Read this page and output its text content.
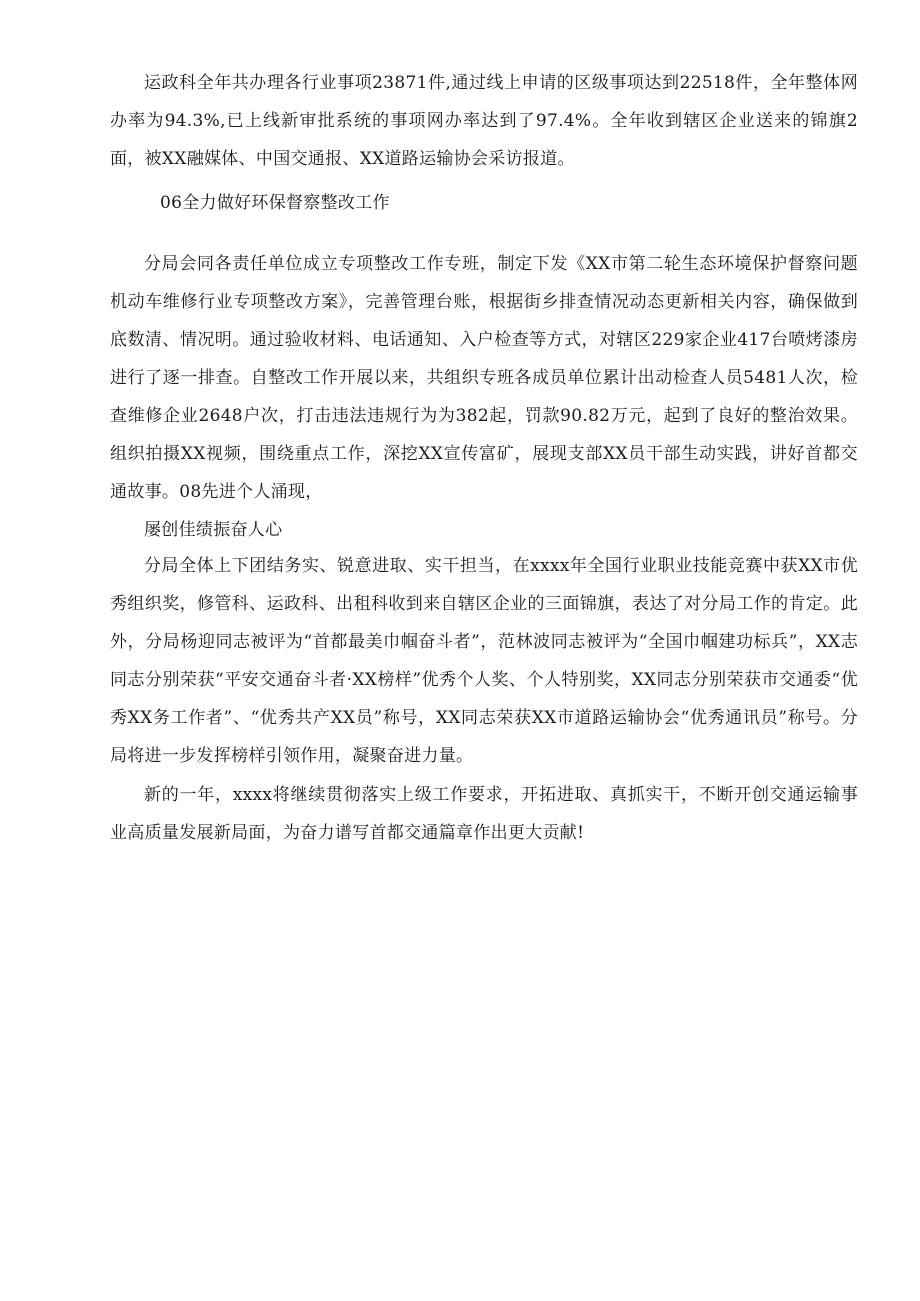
运政科全年共办理各行业事项23871件,通过线上申请的区级事项达到22518件，全年整体网办率为94.3%,已上线新审批系统的事项网办率达到了97.4%。全年收到辖区企业送来的锦旗2面，被XX融媒体、中国交通报、XX道路运输协会采访报道。

06全力做好环保督察整改工作

分局会同各责任单位成立专项整改工作专班，制定下发《XX市第二轮生态环境保护督察问题机动车维修行业专项整改方案》，完善管理台账，根据街乡排查情况动态更新相关内容，确保做到底数清、情况明。通过验收材料、电话通知、入户检查等方式，对辖区229家企业417台喷烤漆房进行了逐一排查。自整改工作开展以来，共组织专班各成员单位累计出动检查人员5481人次，检查维修企业2648户次，打击违法违规行为为382起，罚款90.82万元，起到了良好的整治效果。组织拍摄XX视频，围绕重点工作，深挖XX宣传富矿，展现支部XX员干部生动实践，讲好首都交通故事。08先进个人涌现，

屡创佳绩振奋人心

分局全体上下团结务实、锐意进取、实干担当，在xxxx年全国行业职业技能竞赛中获XX市优秀组织奖，修管科、运政科、出租科收到来自辖区企业的三面锦旗，表达了对分局工作的肯定。此外，分局杨迎同志被评为“首都最美巾帼奋斗者”，范林波同志被评为“全国巾帼建功标兵”，XX志同志分别荣获“平安交通奋斗者·XX榜样”优秀个人奖、个人特别奖，XX同志分别荣获市交通委“优秀XX务工作者”、“优秀共产XX员”称号，XX同志荣获XX市道路运输协会“优秀通讯员”称号。分局将进一步发挥榜样引领作用，凝聚奋进力量。

新的一年，xxxx将继续贯彻落实上级工作要求，开拓进取、真抓实干，不断开创交通运输事业高质量发展新局面，为奋力谱写首都交通篇章作出更大贡献!
